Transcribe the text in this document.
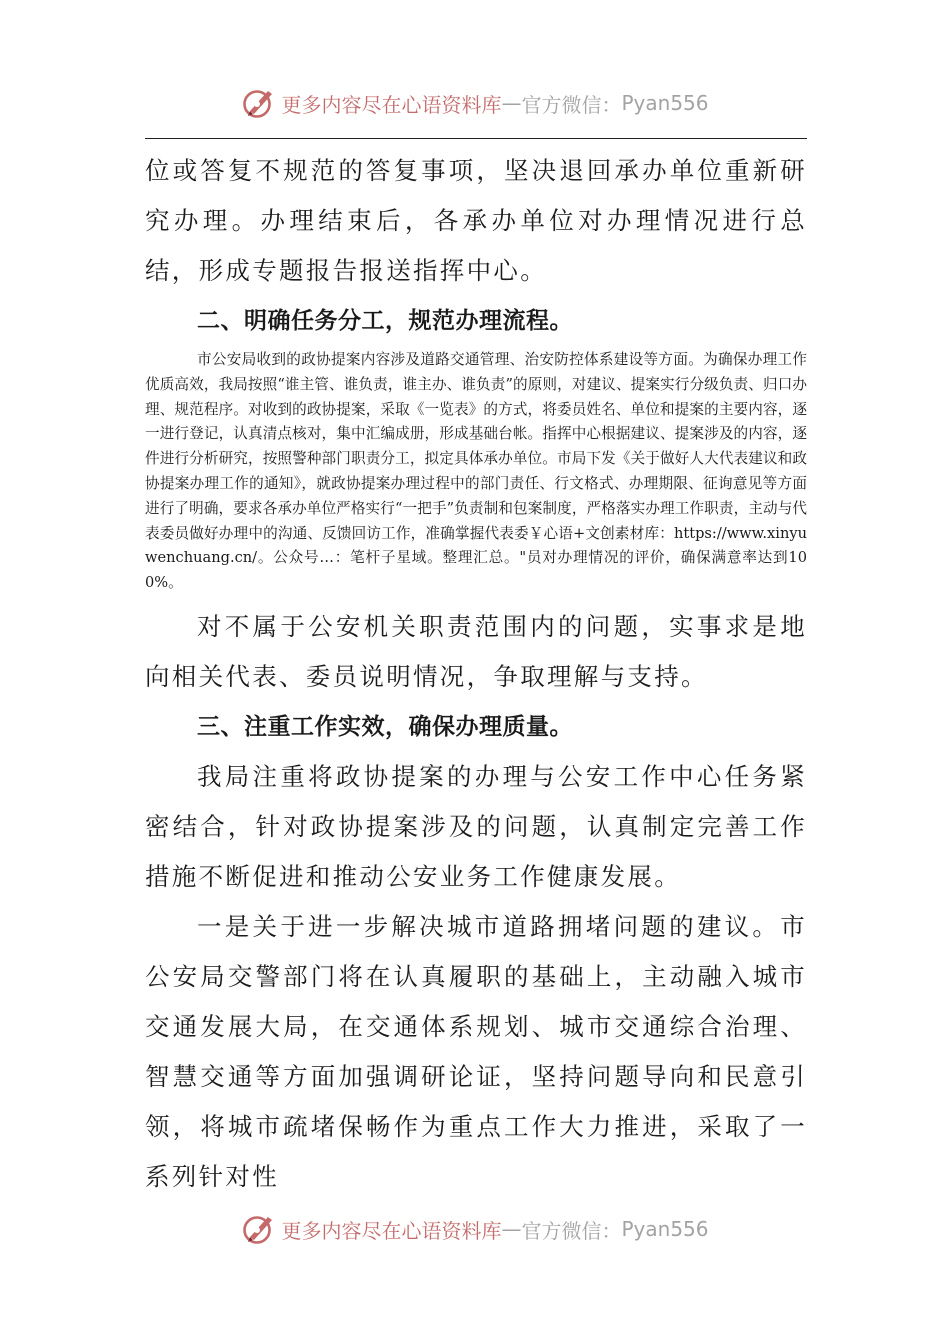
更多内容尽在心语资料库 — 官方微信： Pyan556

位或答复不规范的答复事项，坚决退回承办单位重新研究办理。办理结束后，各承办单位对办理情况进行总结，形成专题报告报送指挥中心。

二、明确任务分工，规范办理流程。

市公安局收到的政协提案内容涉及道路交通管理、治安防控体系建设等方面。为确保办理工作优质高效，我局按照“谁主管、谁负责，谁主办、谁负责”的原则，对建议、提案实行分级负责、归口办理、规范程序。对收到的政协提案，采取《一览表》的方式，将委员姓名、单位和提案的主要内容，逐一进行登记，认真清点核对，集中汇编成册，形成基础台帐。指挥中心根据建议、提案涉及的内容，逐件进行分析研究，按照警种部门职责分工，拟定具体承办单位。市局下发《关于做好人大代表建议和政协提案办理工作的通知》，就政协提案办理过程中的部门责任、行文格式、办理期限、征询意见等方面进行了明确，要求各承办单位严格实行“一把手”负责制和包案制度，严格落实办理工作职责，主动与代表委员做好办理中的沟通、反馈回访工作，准确掌握代表委￥心语+文创素材库：https://www.xinyuwenchuang.cn/。公众号…：笔杆子星域。整理汇总。"员对办理情况的评价，确保满意率达到100%。

对不属于公安机关职责范围内的问题，实事求是地向相关代表、委员说明情况，争取理解与支持。

三、注重工作实效，确保办理质量。

我局注重将政协提案的办理与公安工作中心任务紧密结合，针对政协提案涉及的问题，认真制定完善工作措施不断促进和推动公安业务工作健康发展。

一是关于进一步解决城市道路拥堵问题的建议。市公安局交警部门将在认真履职的基础上，主动融入城市交通发展大局，在交通体系规划、城市交通综合治理、智慧交通等方面加强调研论证，坚持问题导向和民意引领，将城市疏堵保畅作为重点工作大力推进，采取了一系列针对性

更多内容尽在心语资料库 — 官方微信： Pyan556
